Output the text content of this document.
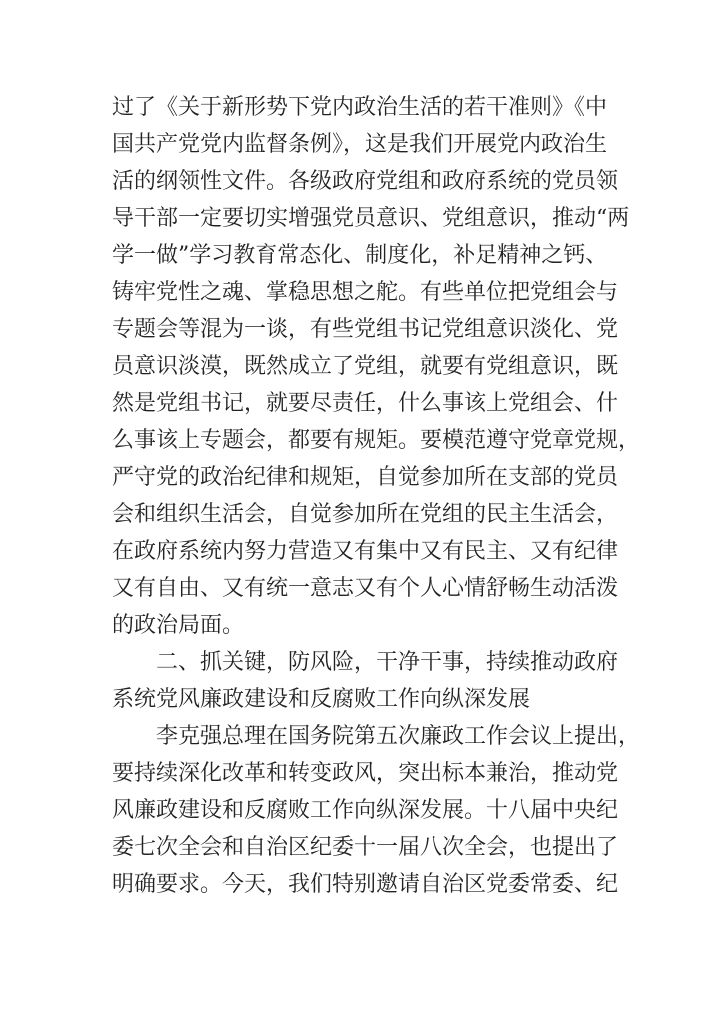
过了《关于新形势下党内政治生活的若干准则》《中
国共产党党内监督条例》，这是我们开展党内政治生
活的纲领性文件。各级政府党组和政府系统的党员领
导干部一定要切实增强党员意识、党组意识，推动“两
学一做”学习教育常态化、制度化，补足精神之钙、
铸牢党性之魂、掌稳思想之舵。有些单位把党组会与
专题会等混为一谈，有些党组书记党组意识淡化、党
员意识淡漠，既然成立了党组，就要有党组意识，既
然是党组书记，就要尽责任，什么事该上党组会、什
么事该上专题会，都要有规矩。要模范遵守党章党规，
严守党的政治纪律和规矩，自觉参加所在支部的党员
会和组织生活会，自觉参加所在党组的民主生活会，
在政府系统内努力营造又有集中又有民主、又有纪律
又有自由、又有统一意志又有个人心情舒畅生动活泼
的政治局面。
二、抓关键，防风险，干净干事，持续推动政府
系统党风廉政建设和反腐败工作向纵深发展
李克强总理在国务院第五次廉政工作会议上提出，
要持续深化改革和转变政风，突出标本兼治，推动党
风廉政建设和反腐败工作向纵深发展。十八届中央纪
委七次全会和自治区纪委十一届八次全会，也提出了
明确要求。今天，我们特别邀请自治区党委常委、纪
